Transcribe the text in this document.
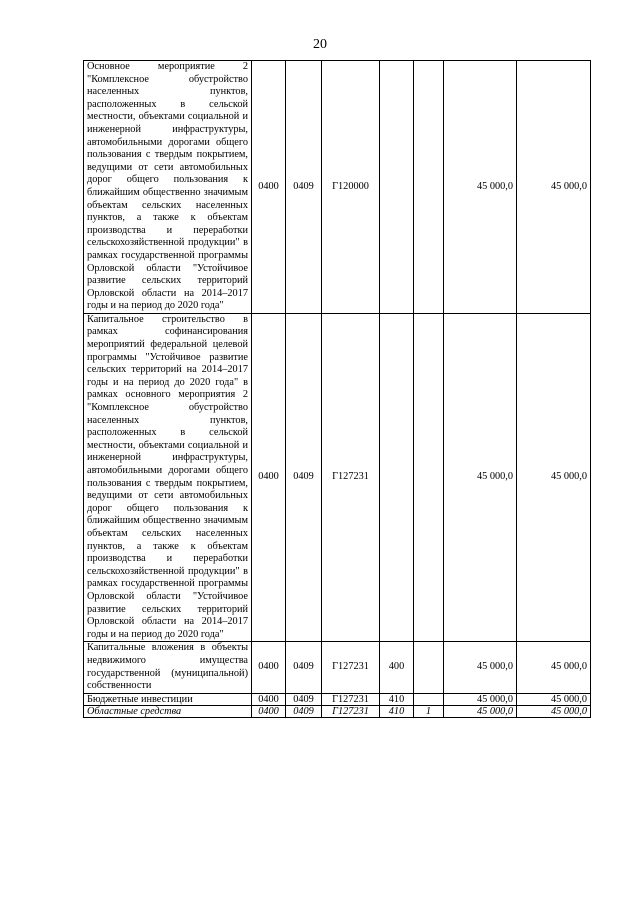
20
Основное мероприятие 2 "Комплексное обустройство населенных пунктов, расположенных в сельской местности, объектами социальной и инженерной инфраструктуры, автомобильными дорогами общего пользования с твердым покрытием, ведущими от сети автомобильных дорог общего пользования к ближайшим общественно значимым объектам сельских населенных пунктов, а также к объектам производства и переработки сельскохозяйственной продукции" в рамках государственной программы Орловской области "Устойчивое развитие сельских территорий Орловской области на 2014–2017 годы и на период до 2020 года"	0400	0409	Г120000			45 000,0	45 000,0
Капитальное строительство в рамках софинансирования мероприятий федеральной целевой программы "Устойчивое развитие сельских территорий на 2014–2017 годы и на период до 2020 года" в рамках основного мероприятия 2 "Комплексное обустройство населенных пунктов, расположенных в сельской местности, объектами социальной и инженерной инфраструктуры, автомобильными дорогами общего пользования с твердым покрытием, ведущими от сети автомобильных дорог общего пользования к ближайшим общественно значимым объектам сельских населенных пунктов, а также к объектам производства и переработки сельскохозяйственной продукции" в рамках государственной программы Орловской области "Устойчивое развитие сельских территорий Орловской области на 2014–2017 годы и на период до 2020 года"	0400	0409	Г127231			45 000,0	45 000,0
Капитальные вложения в объекты недвижимого имущества государственной (муниципальной) собственности	0400	0409	Г127231	400		45 000,0	45 000,0
Бюджетные инвестиции	0400	0409	Г127231	410		45 000,0	45 000,0
Областные средства	0400	0409	Г127231	410	1	45 000,0	45 000,0
